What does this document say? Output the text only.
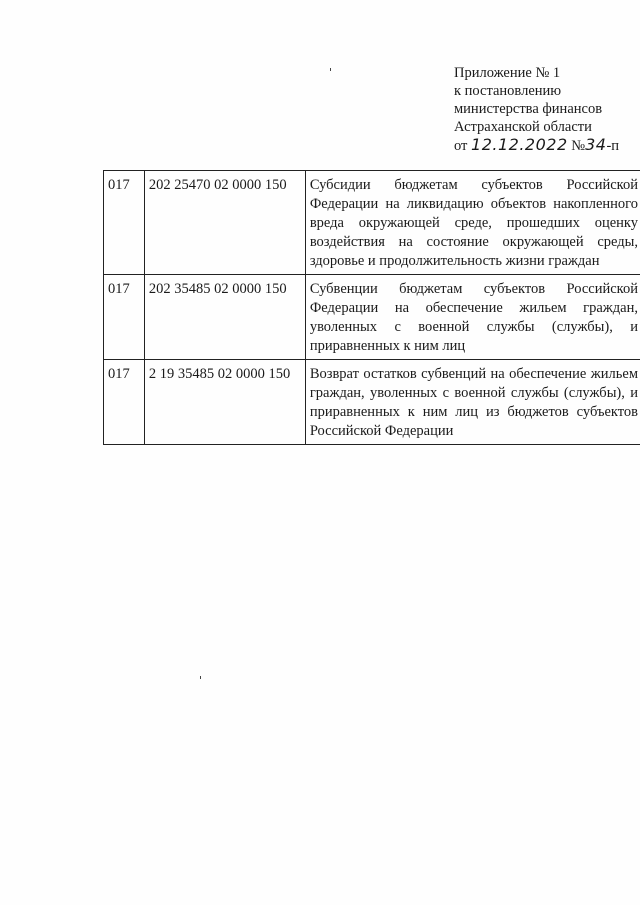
Приложение № 1
к постановлению
министерства финансов
Астраханской области
от 12.12.2022 №34-п
017	202 25470 02 0000 150	Субсидии бюджетам субъектов Российской Федерации на ликвидацию объектов накопленного вреда окружающей среде, прошедших оценку воздействия на состояние окружающей среды, здоровье и продолжительность жизни граждан
017	202 35485 02 0000 150	Субвенции бюджетам субъектов Российской Федерации на обеспечение жильем граждан, уволенных с военной службы (службы), и приравненных к ним лиц
017	2 19 35485 02 0000 150	Возврат остатков субвенций на обеспечение жильем граждан, уволенных с военной службы (службы), и приравненных к ним лиц из бюджетов субъектов Российской Федерации
